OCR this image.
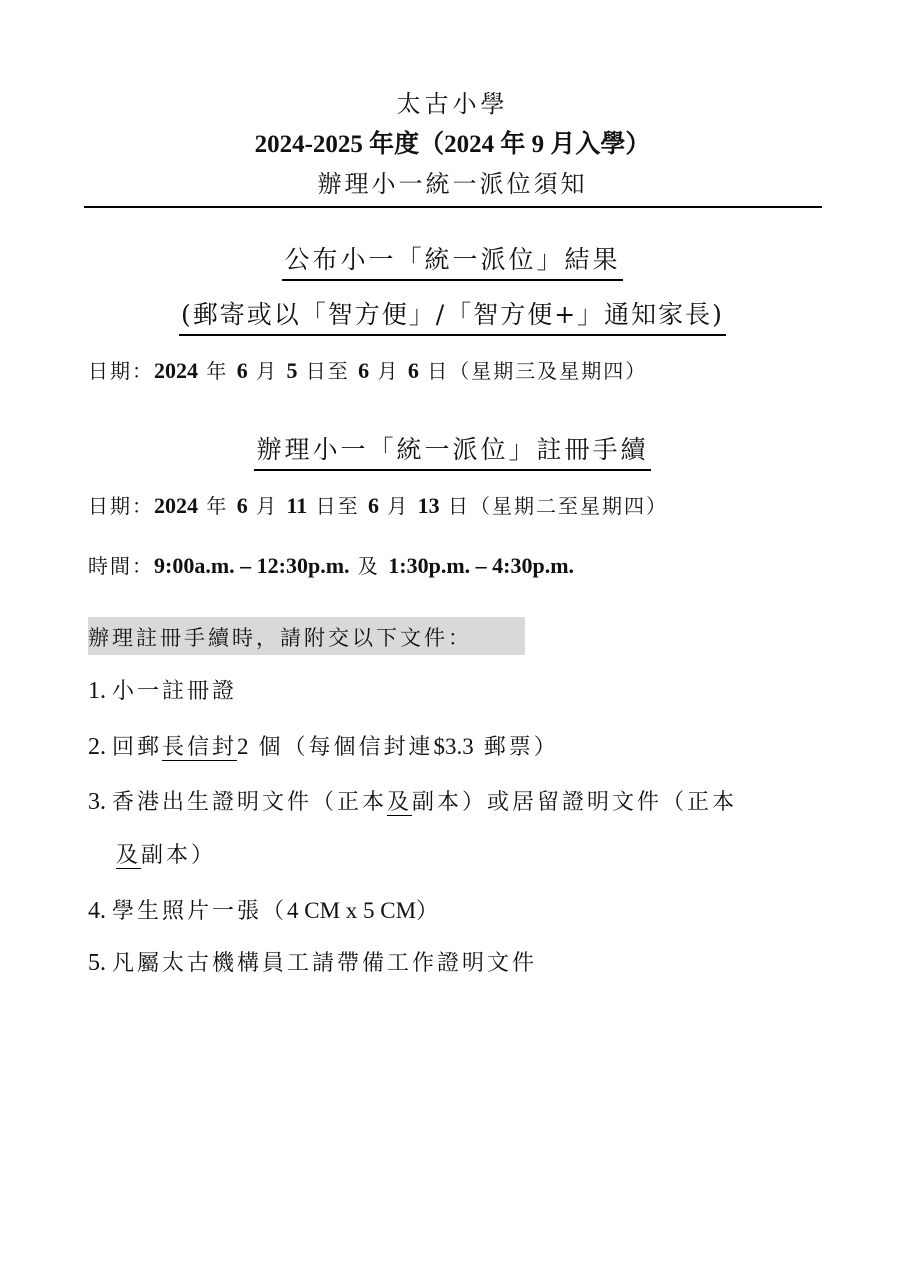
太古小學
2024-2025 年度（2024 年 9 月入學）
辦理小一統一派位須知
公布小一「統一派位」結果
(郵寄或以「智方便」/「智方便+」通知家長)
日期：2024 年 6 月 5 日至 6 月 6 日（星期三及星期四）
辦理小一「統一派位」註冊手續
日期：2024 年 6 月 11 日至 6 月 13 日（星期二至星期四）
時間：9:00a.m. – 12:30p.m. 及 1:30p.m. – 4:30p.m.
辦理註冊手續時，請附交以下文件：
1. 小一註冊證
2. 回郵長信封2 個（每個信封連$3.3 郵票）
3. 香港出生證明文件（正本及副本）或居留證明文件（正本
及副本）
4. 學生照片一張（4 CM x 5 CM）
5. 凡屬太古機構員工請帶備工作證明文件
